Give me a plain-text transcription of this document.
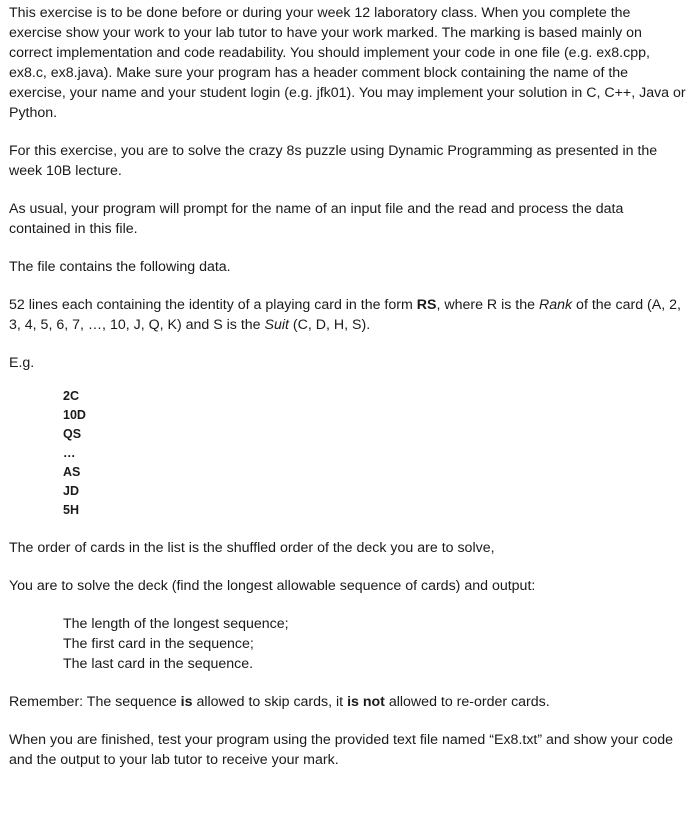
This exercise is to be done before or during your week 12 laboratory class. When you complete the exercise show your work to your lab tutor to have your work marked. The marking is based mainly on correct implementation and code readability. You should implement your code in one file (e.g. ex8.cpp, ex8.c, ex8.java). Make sure your program has a header comment block containing the name of the exercise, your name and your student login (e.g. jfk01). You may implement your solution in C, C++, Java or Python.

For this exercise, you are to solve the crazy 8s puzzle using Dynamic Programming as presented in the week 10B lecture.

As usual, your program will prompt for the name of an input file and the read and process the data contained in this file.

The file contains the following data.

52 lines each containing the identity of a playing card in the form RS, where R is the Rank of the card (A, 2, 3, 4, 5, 6, 7, …, 10, J, Q, K) and S is the Suit (C, D, H, S).

E.g.

2C
10D
QS
…
AS
JD
5H

The order of cards in the list is the shuffled order of the deck you are to solve,

You are to solve the deck (find the longest allowable sequence of cards) and output:

The length of the longest sequence;

The first card in the sequence;

The last card in the sequence.

Remember: The sequence is allowed to skip cards, it is not allowed to re-order cards.

When you are finished, test your program using the provided text file named “Ex8.txt” and show your code and the output to your lab tutor to receive your mark.
